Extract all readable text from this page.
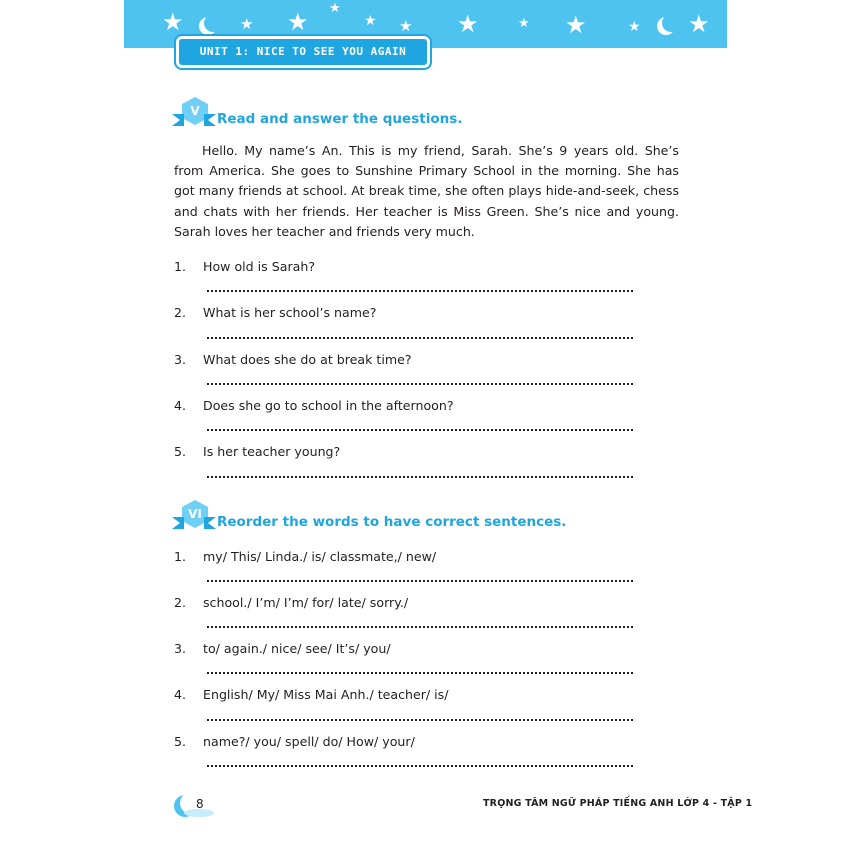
★	★ ★ ★
★ ★ ★	★ ★	★ ★
UNIT 1: NICE TO SEE YOU AGAIN
V	Read and answer the questions.

Hello. My name’s An. This is my friend, Sarah. She’s 9 years old. She’s from America. She goes to Sunshine Primary School in the morning. She has got many friends at school. At break time, she often plays hide-and-seek, chess and chats with her friends. Her teacher is Miss Green. She’s nice and young. Sarah loves her teacher and friends very much.

1. How old is Sarah?
2. What is her school’s name?
3. What does she do at break time?
4. Does she go to school in the afternoon?
5. Is her teacher young?
VI	Reorder the words to have correct sentences.
1. my/ This/ Linda./ is/ classmate,/ new/
2. school./ I’m/ I’m/ for/ late/ sorry./
3. to/ again./ nice/ see/ It’s/ you/
4. English/ My/ Miss Mai Anh./ teacher/ is/
5. name?/ you/ spell/ do/ How/ your/
8	TRỌNG TÂM NGỮ PHÁP TIẾNG ANH LỚP 4 - TẬP 1
